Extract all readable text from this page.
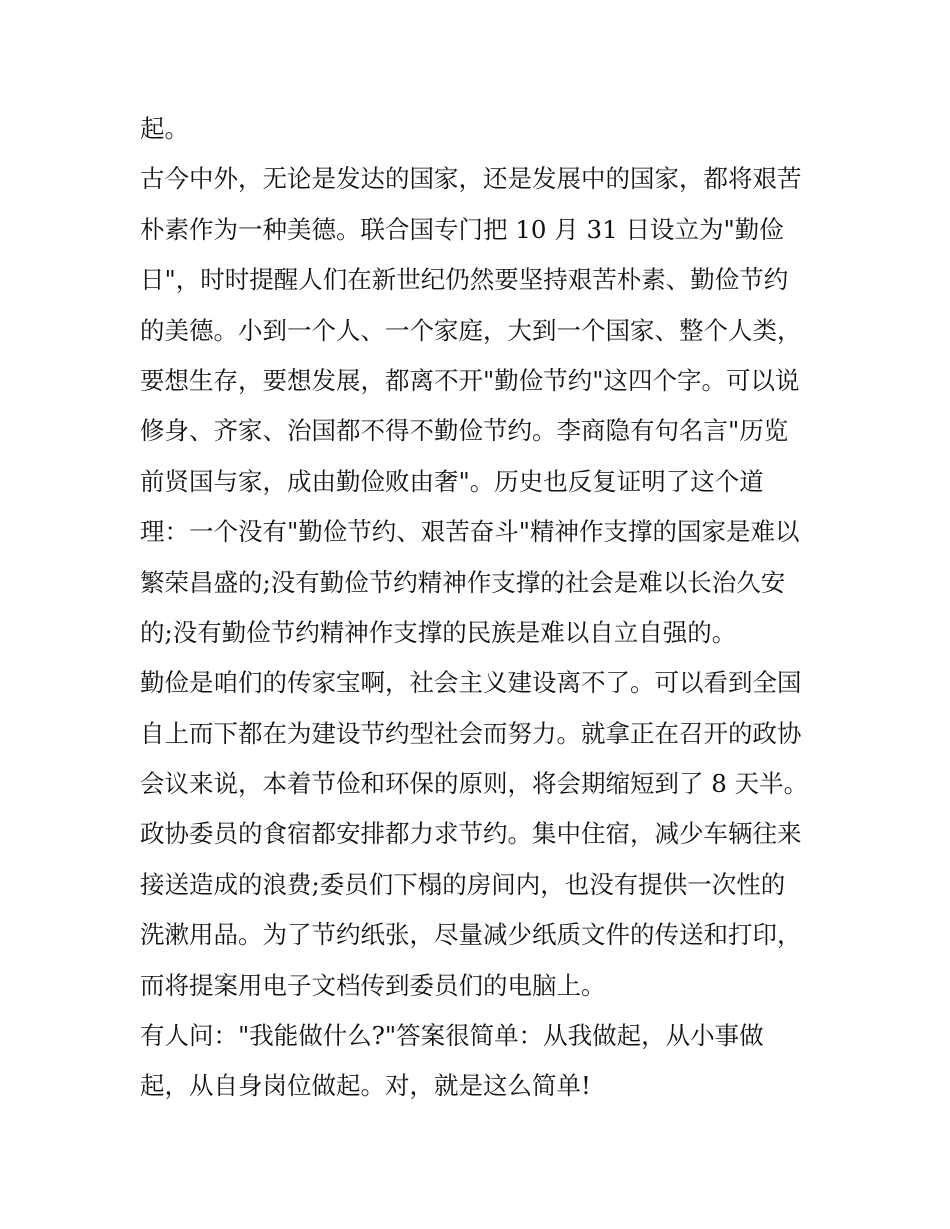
起。
古今中外，无论是发达的国家，还是发展中的国家，都将艰苦
朴素作为一种美德。联合国专门把 10 月 31 日设立为"勤俭
日"，时时提醒人们在新世纪仍然要坚持艰苦朴素、勤俭节约
的美德。小到一个人、一个家庭，大到一个国家、整个人类，
要想生存，要想发展，都离不开"勤俭节约"这四个字。可以说
修身、齐家、治国都不得不勤俭节约。李商隐有句名言"历览
前贤国与家，成由勤俭败由奢"。历史也反复证明了这个道
理：一个没有"勤俭节约、艰苦奋斗"精神作支撑的国家是难以
繁荣昌盛的;没有勤俭节约精神作支撑的社会是难以长治久安
的;没有勤俭节约精神作支撑的民族是难以自立自强的。
勤俭是咱们的传家宝啊，社会主义建设离不了。可以看到全国
自上而下都在为建设节约型社会而努力。就拿正在召开的政协
会议来说，本着节俭和环保的原则，将会期缩短到了 8 天半。
政协委员的食宿都安排都力求节约。集中住宿，减少车辆往来
接送造成的浪费;委员们下榻的房间内，也没有提供一次性的
洗漱用品。为了节约纸张，尽量减少纸质文件的传送和打印，
而将提案用电子文档传到委员们的电脑上。
有人问："我能做什么?"答案很简单：从我做起，从小事做
起，从自身岗位做起。对，就是这么简单!
